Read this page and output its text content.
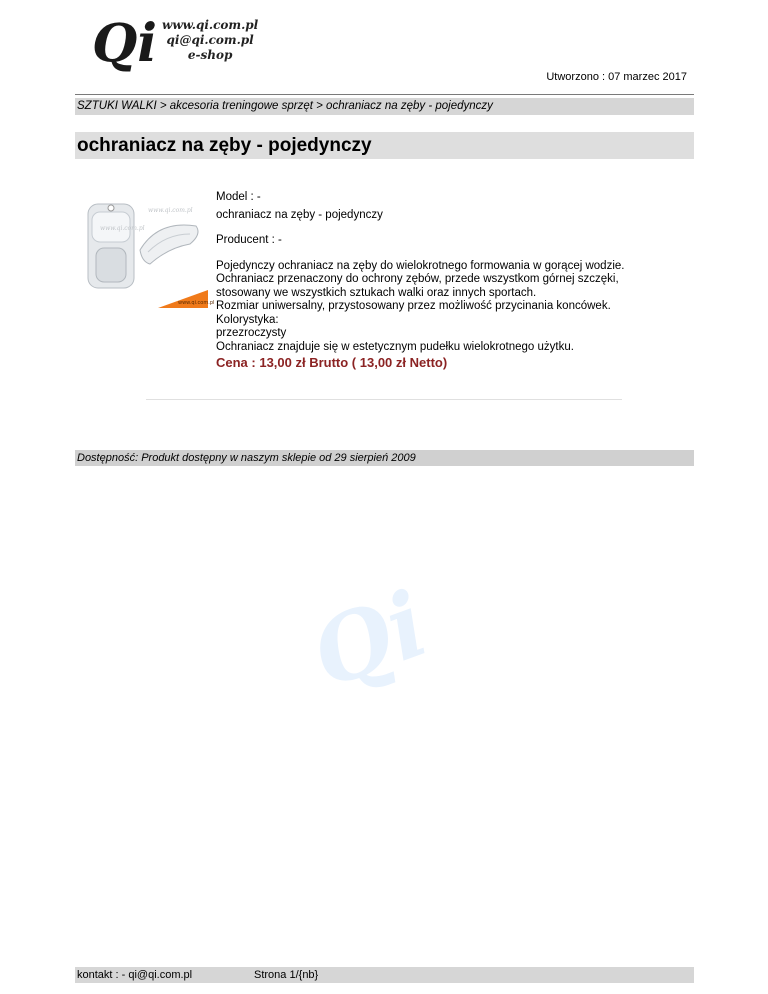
Qi www.qi.com.pl
qi@qi.com.pl
e-shop
Utworzono : 07 marzec 2017
SZTUKI WALKI > akcesoria treningowe sprzęt > ochraniacz na zęby - pojedynczy
ochraniacz na zęby - pojedynczy
www.qi.com.pl
www.qi.com.pl
www.qi.com.pl
Model : -
ochraniacz na zęby - pojedynczy
Producent : -
Pojedynczy ochraniacz na zęby do wielokrotnego formowania w gorącej wodzie.
Ochraniacz przenaczony do ochrony zębów, przede wszystkom górnej szczęki,
stosowany we wszystkich sztukach walki oraz innych sportach.
Rozmiar uniwersalny, przystosowany przez możliwość przycinania koncówek.
Kolorystyka:
przezroczysty
Ochraniacz znajduje się w estetycznym pudełku wielokrotnego użytku.
Cena : 13,00 zł Brutto ( 13,00 zł Netto)
Dostępność: Produkt dostępny w naszym sklepie od 29 sierpień 2009
Qi
kontakt : - qi@qi.com.pl	Strona 1/{nb}
